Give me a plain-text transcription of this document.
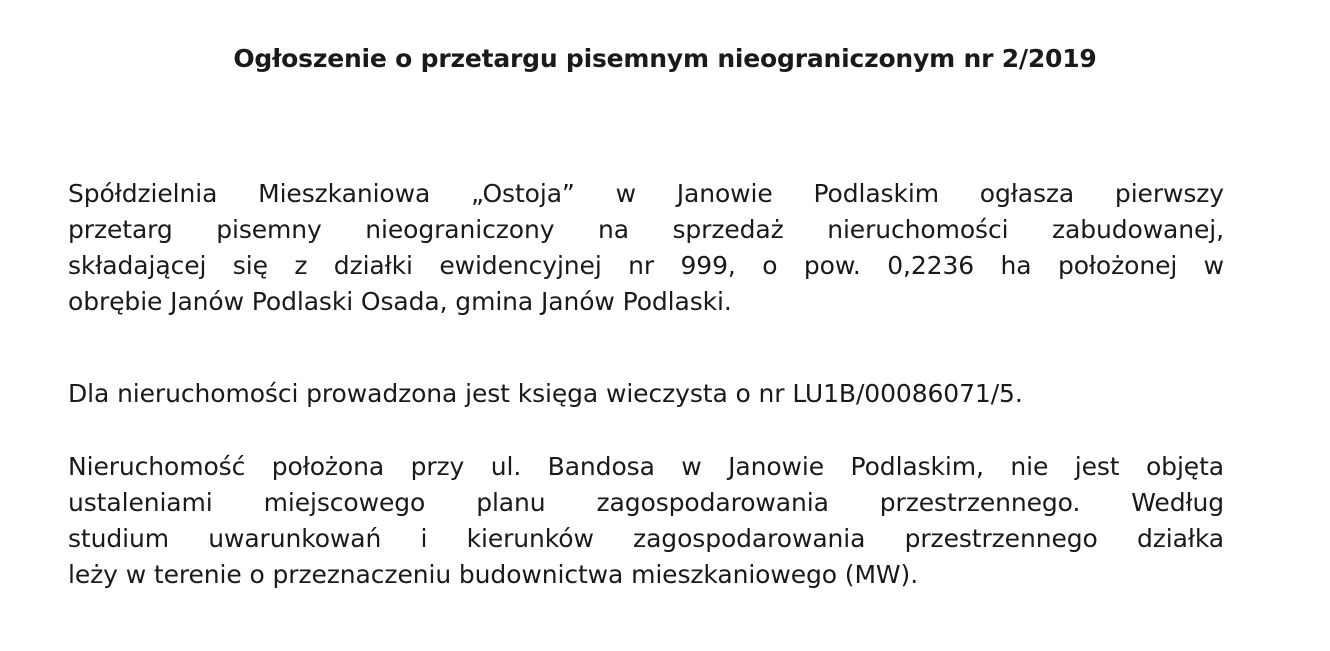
Ogłoszenie o przetargu pisemnym nieograniczonym nr 2/2019
Spółdzielnia Mieszkaniowa „Ostoja” w Janowie Podlaskim ogłasza pierwszy
przetarg pisemny nieograniczony na sprzedaż nieruchomości zabudowanej,
składającej się z działki ewidencyjnej nr 999, o pow. 0,2236 ha położonej w
obrębie Janów Podlaski Osada, gmina Janów Podlaski.
Dla nieruchomości prowadzona jest księga wieczysta o nr LU1B/00086071/5.
Nieruchomość położona przy ul. Bandosa w Janowie Podlaskim, nie jest objęta
ustaleniami miejscowego planu zagospodarowania przestrzennego. Według
studium uwarunkowań i kierunków zagospodarowania przestrzennego działka
leży w terenie o przeznaczeniu budownictwa mieszkaniowego (MW).
